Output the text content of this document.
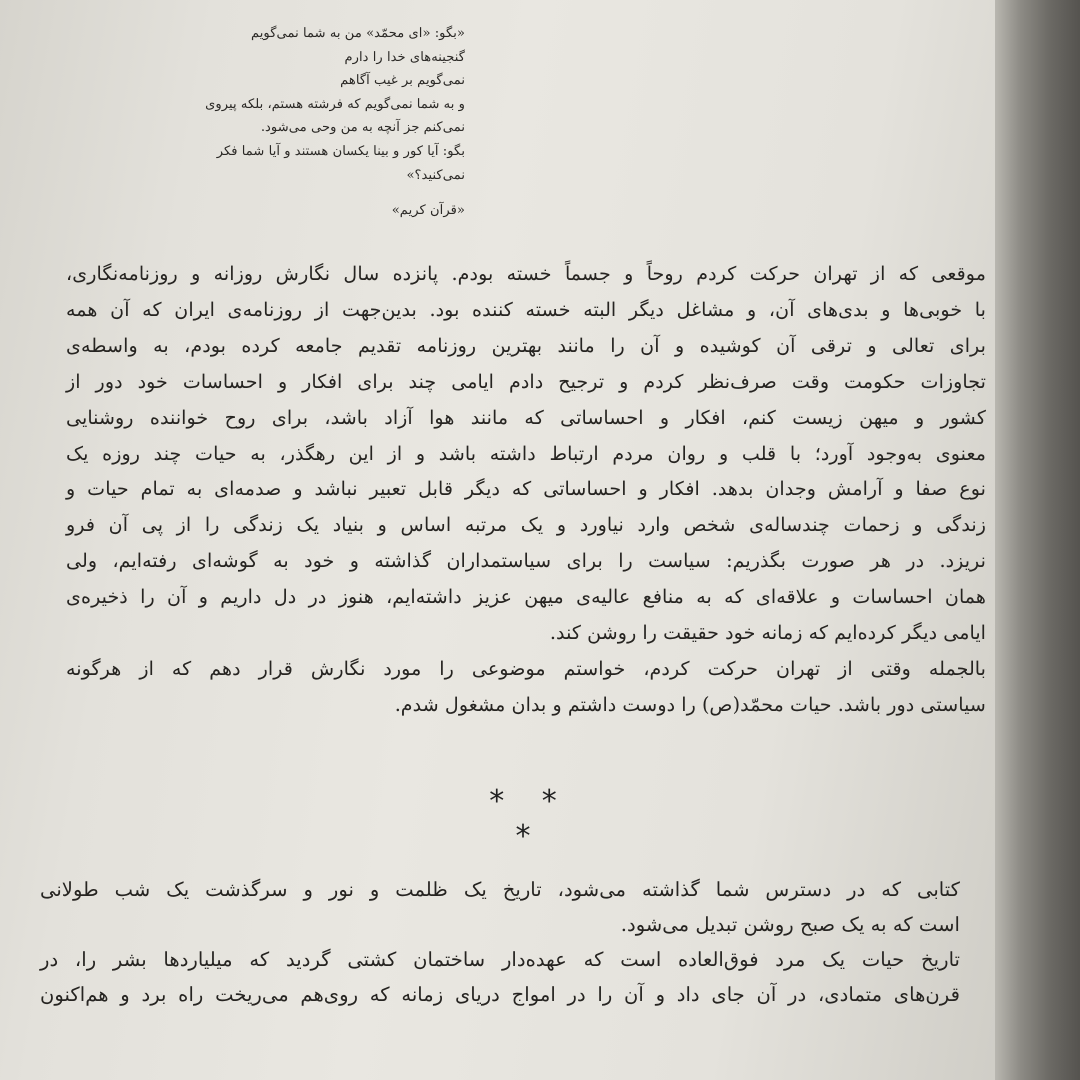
«بگو: «ای محمّد» من به شما نمی‌گویم
گنجینه‌های خدا را دارم
نمی‌گویم بر غیب آگاهم
و به شما نمی‌گویم که فرشته هستم، بلکه پیروی
نمی‌کنم جز آنچه به من وحی می‌شود.
بگو: آیا کور و بینا یکسان هستند و آیا شما فکر
نمی‌کنید؟»
«قرآن کریم»

موقعی که از تهران حرکت کردم روحاً و جسماً خسته بودم. پانزده سال نگارش روزانه و روزنامه‌نگاری،
با خوبی‌ها و بدی‌های آن، و مشاغل دیگر البته خسته کننده بود. بدین‌جهت از روزنامه‌ی ایران که آن همه
برای تعالی و ترقی آن کوشیده و آن را مانند بهترین روزنامه تقدیم جامعه کرده بودم، به واسطه‌ی
تجاوزات حکومت وقت صرف‌نظر کردم و ترجیح دادم ایامی چند برای افکار و احساسات خود دور از
کشور و میهن زیست کنم، افکار و احساساتی که مانند هوا آزاد باشد، برای روح خواننده روشنایی
معنوی به‌وجود آورد؛ با قلب و روان مردم ارتباط داشته باشد و از این رهگذر، به حیات چند روزه یک
نوع صفا و آرامش وجدان بدهد. افکار و احساساتی که دیگر قابل تعبیر نباشد و صدمه‌ای به تمام حیات و
زندگی و زحمات چندساله‌ی شخص وارد نیاورد و یک مرتبه اساس و بنیاد یک زندگی را از پی آن فرو
نریزد. در هر صورت بگذریم: سیاست را برای سیاستمداران گذاشته و خود به گوشه‌ای رفته‌ایم، ولی
همان احساسات و علاقه‌ای که به منافع عالیه‌ی میهن عزیز داشته‌ایم، هنوز در دل داریم و آن را ذخیره‌ی
ایامی دیگر کرده‌ایم که زمانه خود حقیقت را روشن کند.

بالجمله وقتی از تهران حرکت کردم، خواستم موضوعی را مورد نگارش قرار دهم که از هرگونه
سیاستی دور باشد. حیات محمّد(ص) را دوست داشتم و بدان مشغول شدم.

* * *

کتابی که در دسترس شما گذاشته می‌شود، تاریخ یک ظلمت و نور و سرگذشت یک شب طولانی
است که به یک صبح روشن تبدیل می‌شود.

تاریخ حیات یک مرد فوق‌العاده است که عهده‌دار ساختمان کشتی گردید که میلیاردها بشر را، در
قرن‌های متمادی، در آن جای داد و آن را در امواج دریای زمانه که روی‌هم می‌ریخت راه برد و هم‌اکنون
